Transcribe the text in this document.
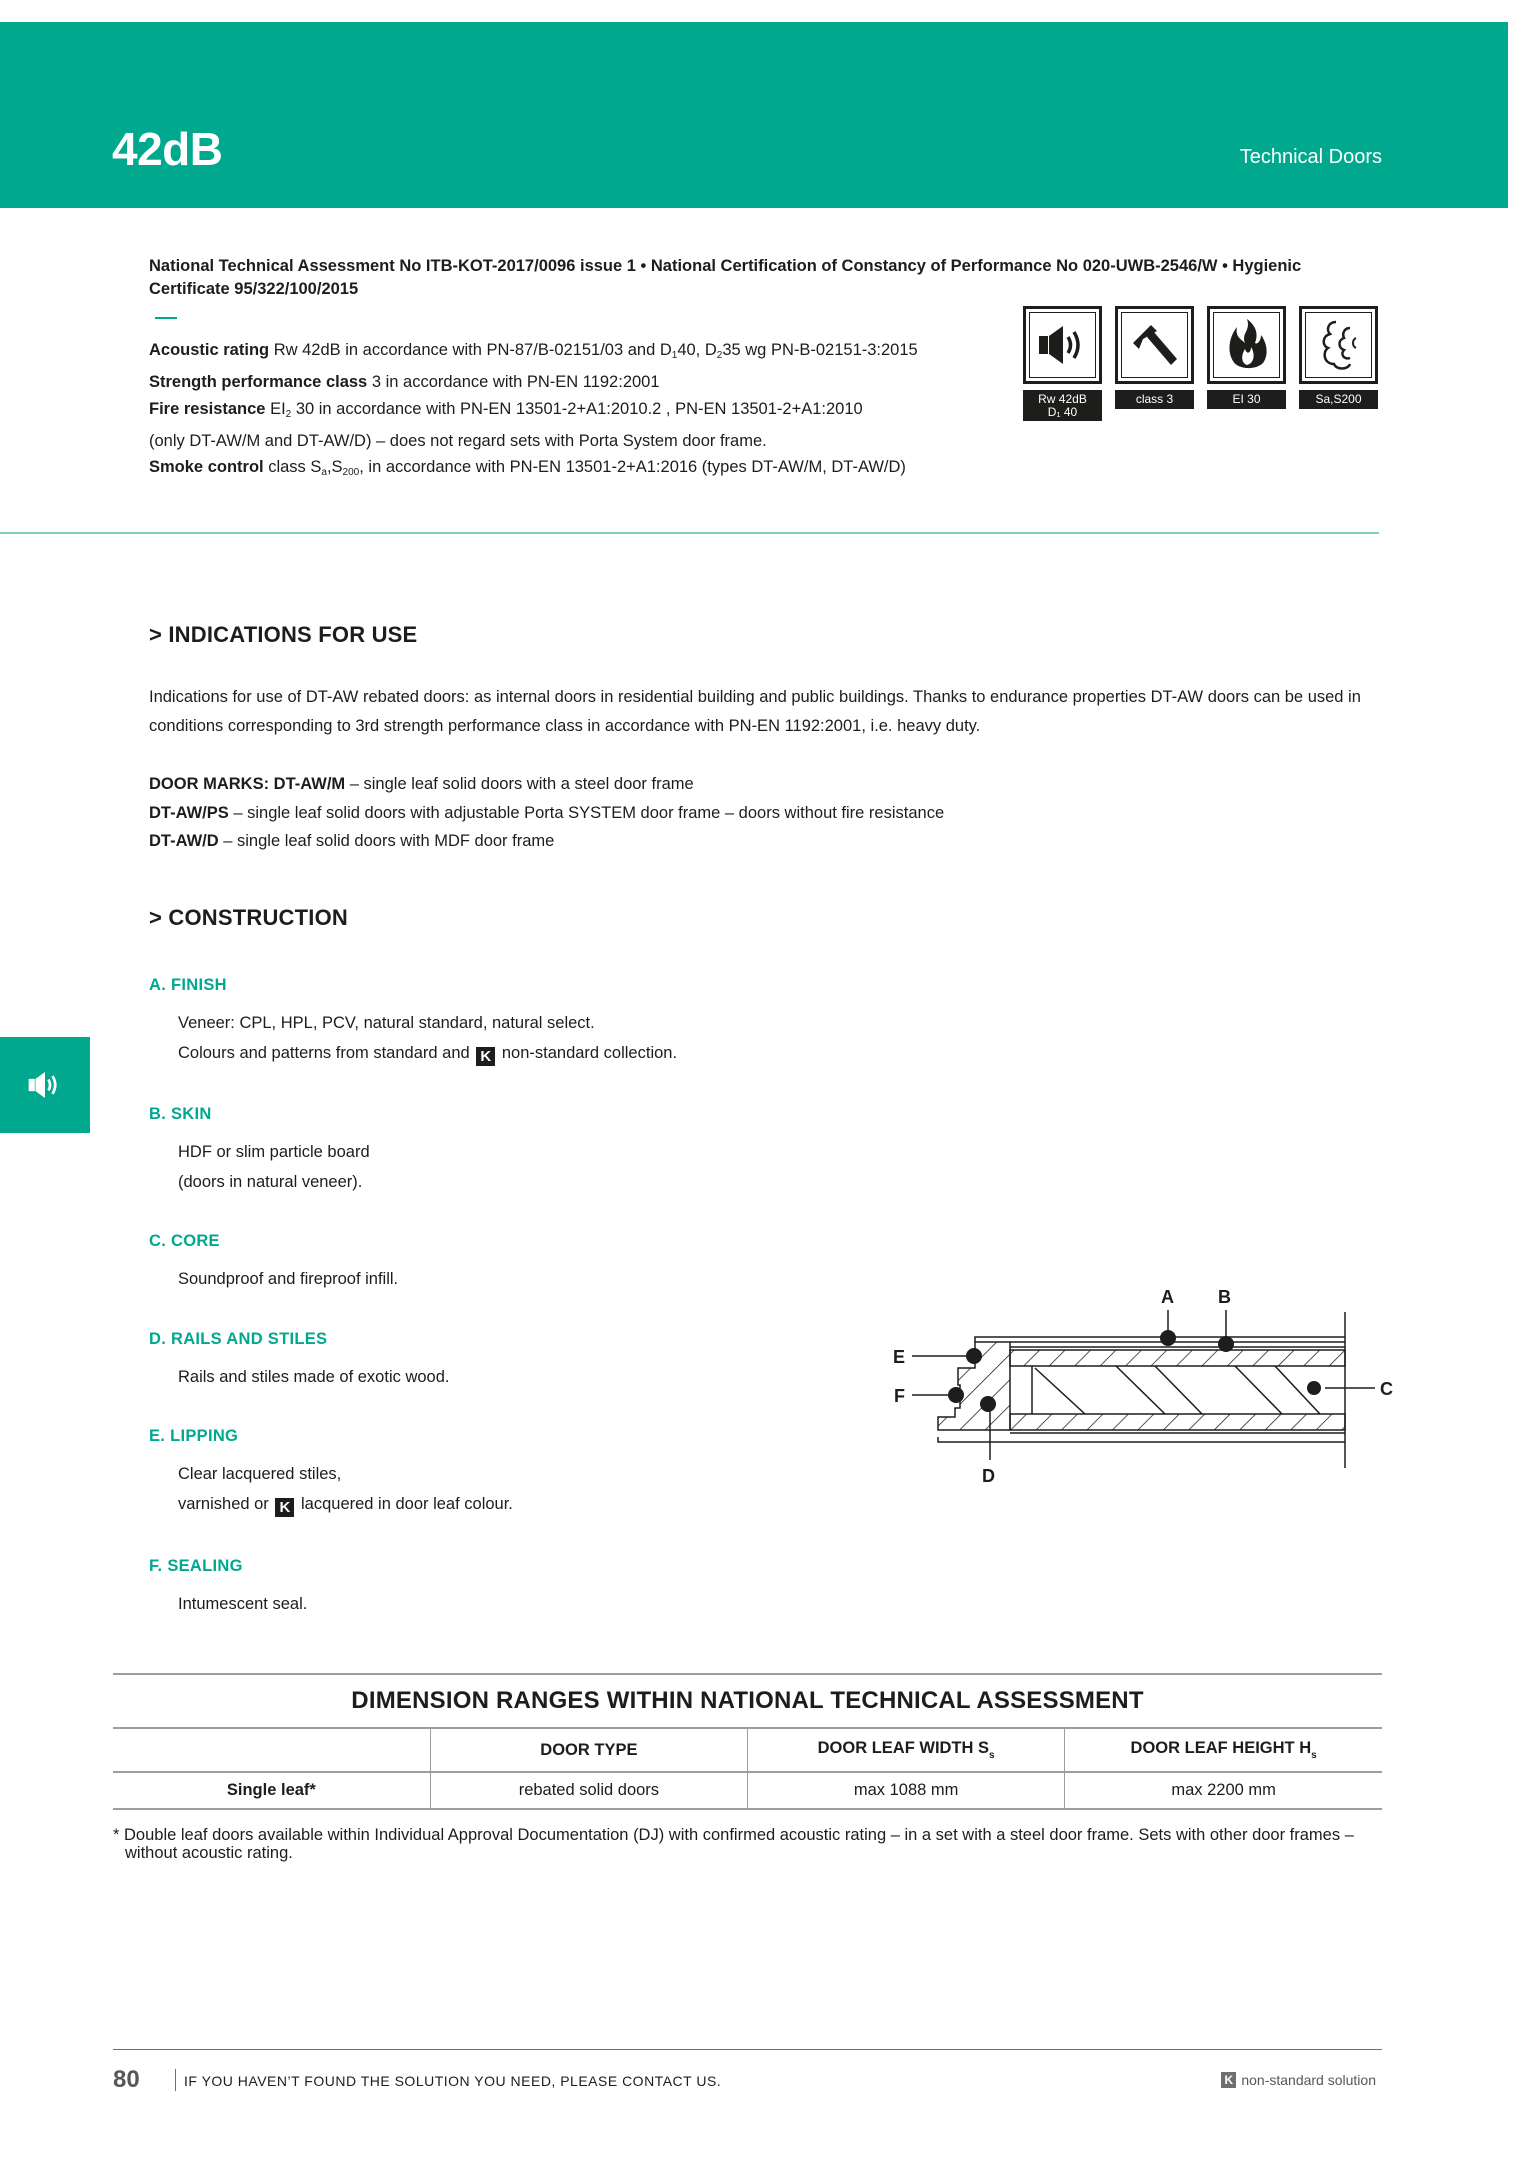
42dB	Technical Doors
National Technical Assessment No ITB-KOT-2017/0096 issue 1 • National Certification of Constancy of Performance No 020-UWB-2546/W • Hygienic Certificate 95/322/100/2015
Acoustic rating Rw 42dB in accordance with PN-87/B-02151/03 and $D_140$, $D_235$ wg PN-B-02151-3:2015
Strength performance class 3 in accordance with PN-EN 1192:2001
Fire resistance $EI_2$ 30 in accordance with PN-EN 13501-2+A1:2010.2 , PN-EN 13501-2+A1:2010
(only DT-AW/M and DT-AW/D) – does not regard sets with Porta System door frame.
Smoke control class $S_a,S_{200}$, in accordance with PN-EN 13501-2+A1:2016 (types DT-AW/M, DT-AW/D)
Rw 42dB
D₁ 40
class 3	EI 30	Sa,S200
> INDICATIONS FOR USE
Indications for use of DT-AW rebated doors: as internal doors in residential building and public buildings. Thanks to endurance properties DT-AW doors can be used in conditions corresponding to 3rd strength performance class in accordance with PN-EN 1192:2001, i.e. heavy duty.
DOOR MARKS: DT-AW/M – single leaf solid doors with a steel door frame
DT-AW/PS – single leaf solid doors with adjustable Porta SYSTEM door frame – doors without fire resistance
DT-AW/D – single leaf solid doors with MDF door frame
> CONSTRUCTION
A. FINISH
Veneer: CPL, HPL, PCV, natural standard, natural select.
Colours and patterns from standard and K non-standard collection.
B. SKIN
HDF or slim particle board
(doors in natural veneer).
C. CORE
Soundproof and fireproof infill.
D. RAILS AND STILES
Rails and stiles made of exotic wood.
E. LIPPING
Clear lacquered stiles,
varnished or K lacquered in door leaf colour.
F. SEALING
Intumescent seal.
A B
C
D
E
F
DIMENSION RANGES WITHIN NATIONAL TECHNICAL ASSESSMENT
	DOOR TYPE	DOOR LEAF WIDTH $S_s$	DOOR LEAF HEIGHT $H_s$
Single leaf*	rebated solid doors	max 1088 mm	max 2200 mm
* Double leaf doors available within Individual Approval Documentation (DJ) with confirmed acoustic rating – in a set with a steel door frame. Sets with other door frames – without acoustic rating.
80	IF YOU HAVEN’T FOUND THE SOLUTION YOU NEED, PLEASE CONTACT US.	K non-standard solution
